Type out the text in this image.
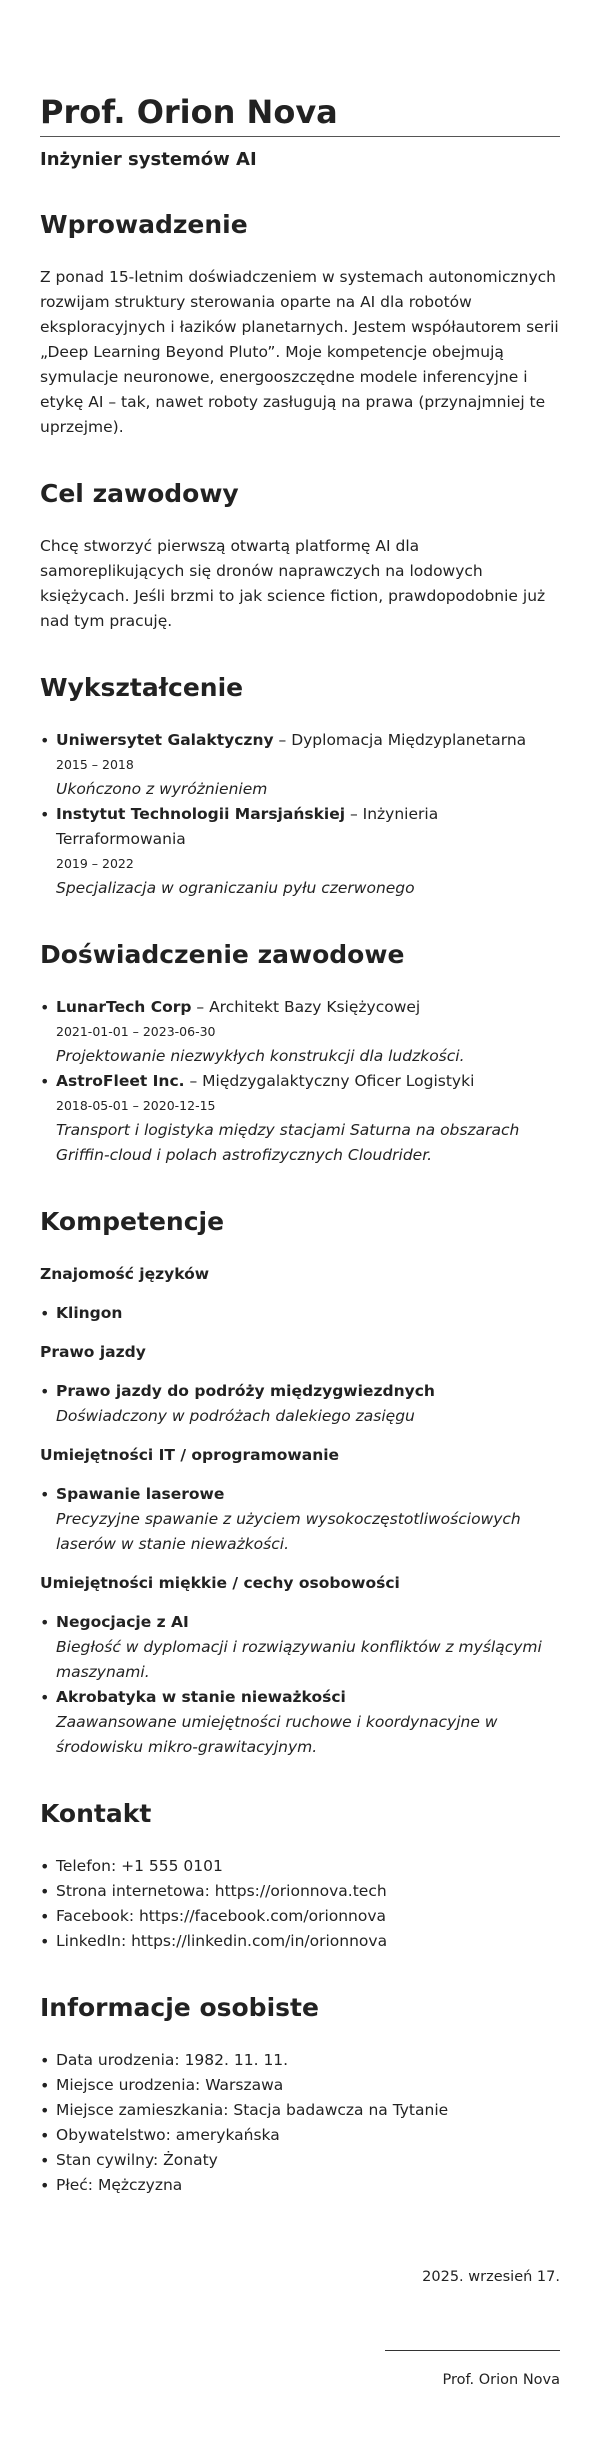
Prof. Orion Nova
Inżynier systemów AI
Wprowadzenie

Z ponad 15-letnim doświadczeniem w systemach autonomicznych rozwijam struktury sterowania oparte na AI dla robotów eksploracyjnych i łazików planetarnych. Jestem współautorem serii „Deep Learning Beyond Pluto”. Moje kompetencje obejmują symulacje neuronowe, energooszczędne modele inferencyjne i etykę AI – tak, nawet roboty zasługują na prawa (przynajmniej te uprzejme).

Cel zawodowy

Chcę stworzyć pierwszą otwartą platformę AI dla samoreplikujących się dronów naprawczych na lodowych księżycach. Jeśli brzmi to jak science fiction, prawdopodobnie już nad tym pracuję.

Wykształcenie
• Uniwersytet Galaktyczny – Dyplomacja Międzyplanetarna
2015 – 2018
Ukończono z wyróżnieniem
• Instytut Technologii Marsjańskiej – Inżynieria Terraformowania
2019 – 2022
Specjalizacja w ograniczaniu pyłu czerwonego
Doświadczenie zawodowe
• LunarTech Corp – Architekt Bazy Księżycowej
2021-01-01 – 2023-06-30
Projektowanie niezwykłych konstrukcji dla ludzkości.
• AstroFleet Inc. – Międzygalaktyczny Oficer Logistyki
2018-05-01 – 2020-12-15
Transport i logistyka między stacjami Saturna na obszarach Griffin-cloud i polach astrofizycznych Cloudrider.
Kompetencje
Znajomość języków
• Klingon
Prawo jazdy
• Prawo jazdy do podróży międzygwiezdnych
Doświadczony w podróżach dalekiego zasięgu
Umiejętności IT / oprogramowanie
• Spawanie laserowe
Precyzyjne spawanie z użyciem wysokoczęstotliwościowych laserów w stanie nieważkości.
Umiejętności miękkie / cechy osobowości
• Negocjacje z AI
Biegłość w dyplomacji i rozwiązywaniu konfliktów z myślącymi maszynami.
• Akrobatyka w stanie nieważkości
Zaawansowane umiejętności ruchowe i koordynacyjne w środowisku mikro-grawitacyjnym.
Kontakt
• Telefon: +1 555 0101
• Strona internetowa: https://orionnova.tech
• Facebook: https://facebook.com/orionnova
• LinkedIn: https://linkedin.com/in/orionnova
Informacje osobiste
• Data urodzenia: 1982. 11. 11.
• Miejsce urodzenia: Warszawa
• Miejsce zamieszkania: Stacja badawcza na Tytanie
• Obywatelstwo: amerykańska
• Stan cywilny: Żonaty
• Płeć: Mężczyzna
2025. wrzesień 17.
Prof. Orion Nova
